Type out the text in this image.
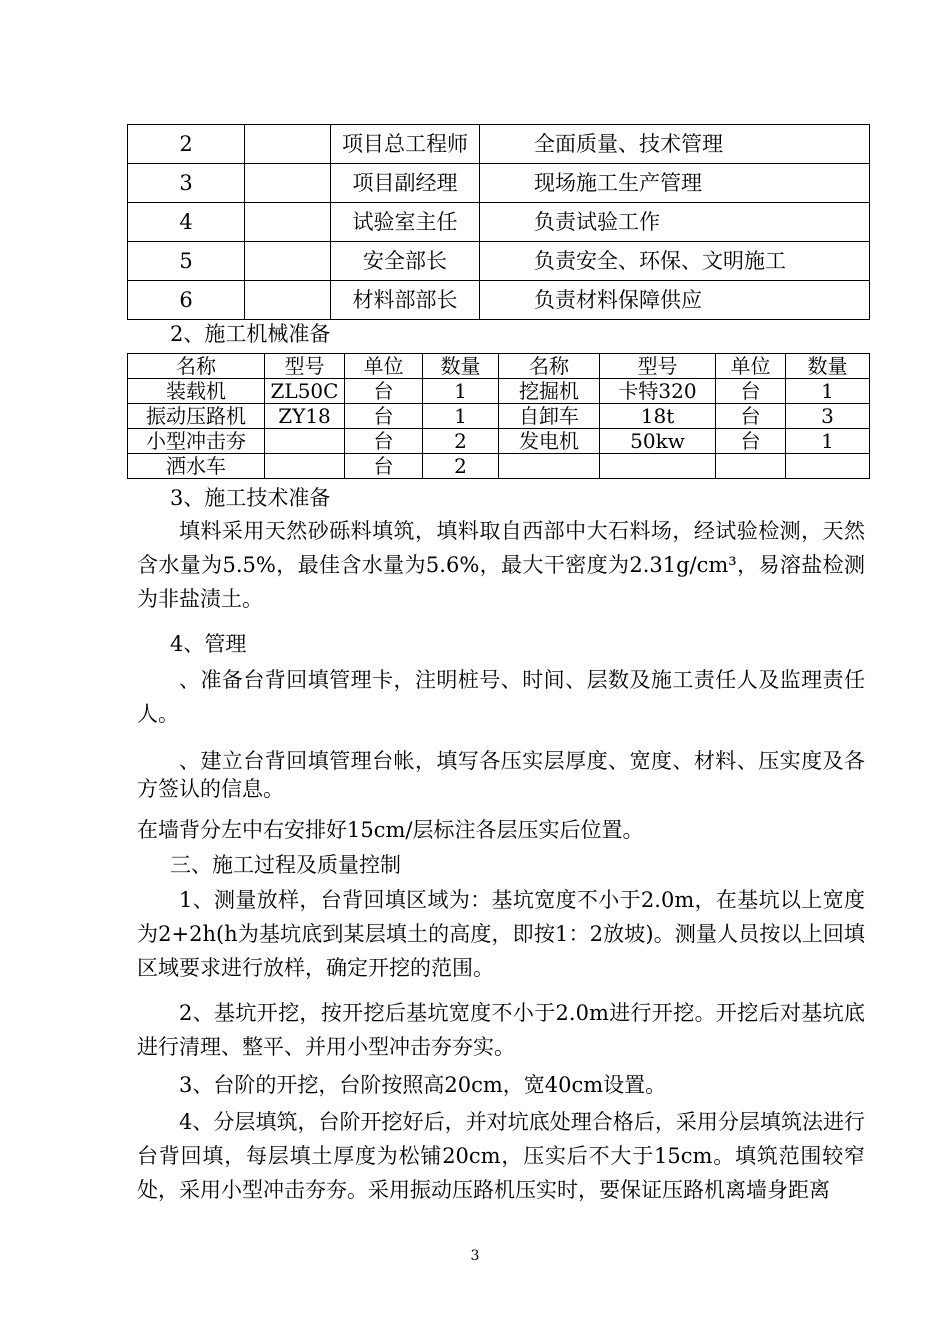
2		项目总工程师	全面质量、技术管理
3		项目副经理	现场施工生产管理
4		试验室主任	负责试验工作
5		安全部长	负责安全、环保、文明施工
6		材料部部长	负责材料保障供应
2、施工机械准备
名称	型号	单位	数量	名称	型号	单位	数量
装载机	ZL50C	台	1	挖掘机	卡特320	台	1
振动压路机	ZY18	台	1	自卸车	18t	台	3
小型冲击夯		台	2	发电机	50kw	台	1
洒水车		台	2				
3、施工技术准备
填料采用天然砂砾料填筑，填料取自西部中大石料场，经试验检测，天然含水量为5.5%，最佳含水量为5.6%，最大干密度为2.31g/cm³，易溶盐检测为非盐渍土。
4、管理
、准备台背回填管理卡，注明桩号、时间、层数及施工责任人及监理责任人。
、建立台背回填管理台帐，填写各压实层厚度、宽度、材料、压实度及各方签认的信息。
在墙背分左中右安排好15cm/层标注各层压实后位置。
三、施工过程及质量控制
1、测量放样，台背回填区域为：基坑宽度不小于2.0m，在基坑以上宽度为2+2h(h为基坑底到某层填土的高度，即按1：2放坡)。测量人员按以上回填区域要求进行放样，确定开挖的范围。
2、基坑开挖，按开挖后基坑宽度不小于2.0m进行开挖。开挖后对基坑底进行清理、整平、并用小型冲击夯夯实。
3、台阶的开挖，台阶按照高20cm，宽40cm设置。
4、分层填筑，台阶开挖好后，并对坑底处理合格后，采用分层填筑法进行台背回填，每层填土厚度为松铺20cm，压实后不大于15cm。填筑范围较窄处，采用小型冲击夯夯。采用振动压路机压实时，要保证压路机离墙身距离
3
